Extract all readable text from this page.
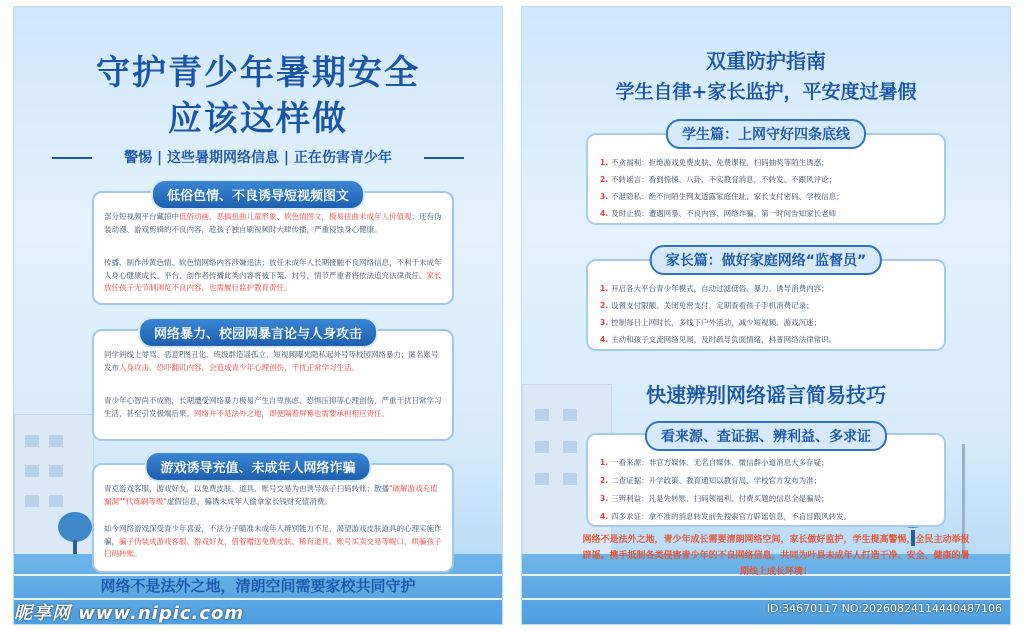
守护青少年暑期安全
应该这样做
警惕 | 这些暑期网络信息 | 正在伤害青少年
部分短视频平台藏掠中低俗动画、恶搞扭曲儿童形象、软色情图文，极易扭曲未成年人价值观；还有伪装动漫、游戏剪辑的不良内容，趁孩子独自刷视频时大肆传播，严重侵蚀身心健康。
传播、制作涉黄色情、软色情网络内容涉嫌违法；放任未成年人长期接触不良网络信息，不利于未成年人身心健康成长。平台、创作者传播此类内容将被下架、封号，情节严重者将依法追究法律责任。家长放任孩子无节制浏览不良内容，也需履行监护教育责任。
低俗色情、不良诱导短视频图文
同学间线上辱骂、恶意P图丑化、班级群造谣孤立、短视频曝光隐私起外号等校园网络暴力；匿名账号发布人身攻击、恐吓翻讥内容，会造成青少年心理创伤，干扰正常学习生活。
青少年心智尚不成熟，长期遭受网络暴力极易产生自卑焦虑、恐惧压抑等心理创伤，严重干扰日常学习生活，甚至引发极端后果。网络并不是法外之地，即便隔着屏幕也需要承担相应责任。
网络暴力、校园网暴言论与人身攻击
青克游戏客服、游戏好友，以免费皮肤、道具、账号交易为由诱导孩子扫码转账；散播"破解游戏充值漏洞""代练刷等级"虚假信息，骗诱未成年人偷拿家长钱财充值消费。
如今网络游戏深受青少年喜爱，不法分子瞄准未成年人辨别能力不足、渴望游戏皮肤道具的心理实施诈骗，骗子伪装成游戏客服、游戏好友，借着赠送免费皮肤、稀有道具、账号买卖交易等幌口，哄骗孩子扫码转账。
游戏诱导充值、未成年人网络诈骗
网络不是法外之地，清朗空间需要家校共同守护
双重防护指南
学生自律+家长监护，平安度过暑假
1. 不贪福利：拒绝游戏免费皮肤、免费课程、扫码抽奖等陌生诱惑；
2. 不转谣言：看到惊悚、八卦、不实教育消息，不转发、不跟风评论；
3. 不泄隐私：绝不向陌生网友透露家庭住址、家长支付密码、学校信息；
4. 及时止损：遭遇网暴、不良内容、网络诈骗，第一时间告知家长老师
学生篇：上网守好四条底线
1. 开启各大平台青少年模式，自动过滤低俗、暴力、诱导消费内容；
2. 设置支付限额、关闭免密支付，定期查看孩子手机消费记录；
3. 控制每日上网时长，多线下户外活动，减少短视频、游戏沉迷；
4. 主动和孩子交流网络见闻，及时疏导负面情绪，科普网络法律常识。
家长篇：做好家庭网络“监督员”
快速辨别网络谣言简易技巧
1. 一看来源：非官方媒体、无名自媒体、微信群小道消息大多存疑；
2. 二查证据：升学政策、教育通知以教育局、学校官方发布为准；
3. 三辨利益：凡是先转账、扫码领福利、付费买题的信息全是骗局；
4. 四多求证：拿不准的消息转发前先搜索官方辟谣信息，不盲目跟风转发。
看来源、查证据、辨利益、多求证
网络不是法外之地，青少年成长需要清朗网络空间，家长做好监护，学生提高警惕，全民主动举报辟谣。携手抵制各类侵害青少年的不良网络信息，共同为叶县未成年人打造干净、安全、健康的暑期线上成长环境！
昵享网 www.nipic.com	ID:34670117 NO:20260824114440487106
